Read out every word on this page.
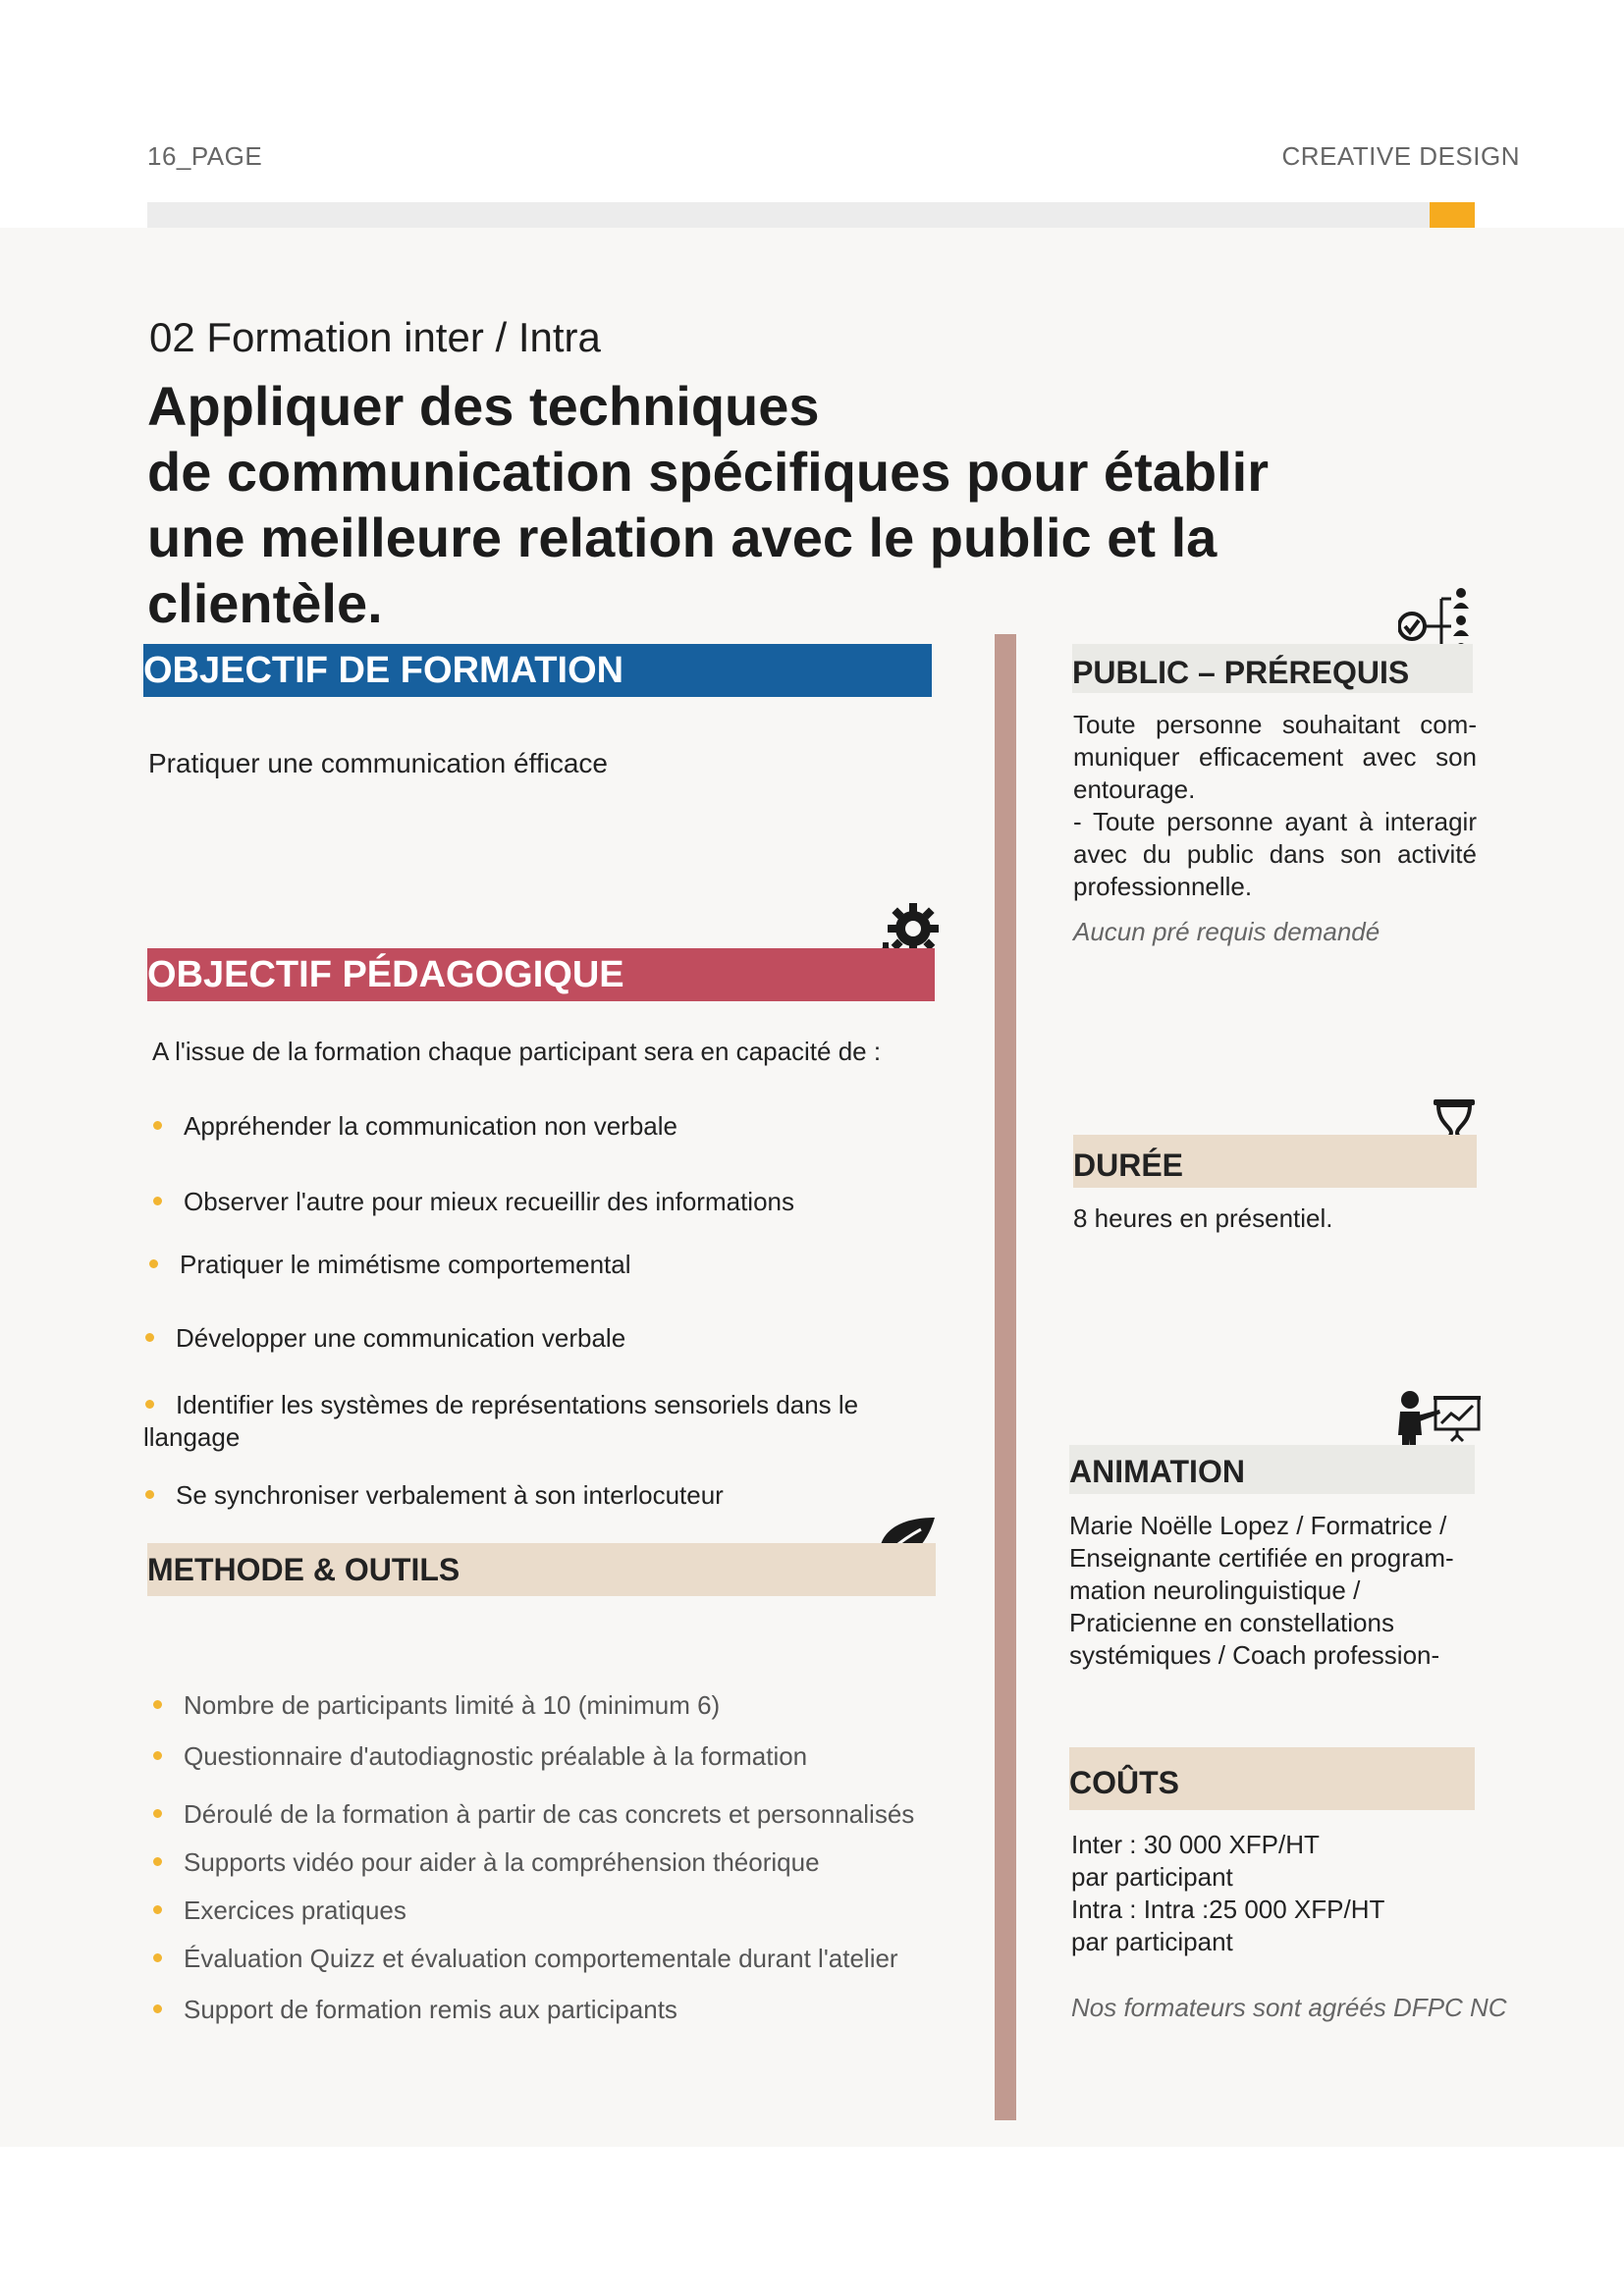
16_PAGE	CREATIVE DESIGN
02 Formation inter / Intra
Appliquer des techniques
de communication spécifiques pour établir
une meilleure relation avec le public et la
clientèle.
OBJECTIF DE FORMATION
Pratiquer une communication éfficace
OBJECTIF PÉDAGOGIQUE
A l'issue de la formation chaque participant sera en capacité de :
Appréhender la communication non verbale
Observer l'autre pour mieux recueillir des informations
Pratiquer le mimétisme comportemental
Développer une communication verbale
Identifier les systèmes de représentations sensoriels dans le
llangage
Se synchroniser verbalement à son interlocuteur
METHODE & OUTILS
Nombre de participants limité à 10 (minimum 6)
Questionnaire d'autodiagnostic préalable à la formation
Déroulé de la formation à partir de cas concrets et personnalisés
Supports vidéo pour aider à la compréhension théorique
Exercices pratiques
Évaluation Quizz et évaluation comportementale durant l'atelier
Support de formation remis aux participants
PUBLIC – PRÉREQUIS
Toute personne souhaitant com-
muniquer efficacement avec son
entourage.
- Toute personne ayant à interagir
avec du public dans son activité
professionnelle.
Aucun pré requis demandé
DURÉE
8 heures en présentiel.
ANIMATION
Marie Noëlle Lopez / Formatrice /
Enseignante certifiée en program-
mation neurolinguistique /
Praticienne en constellations
systémiques / Coach profession-
COÛTS
Inter : 30 000 XFP/HT
par participant
Intra : Intra :25 000 XFP/HT
par participant
Nos formateurs sont agréés DFPC NC
